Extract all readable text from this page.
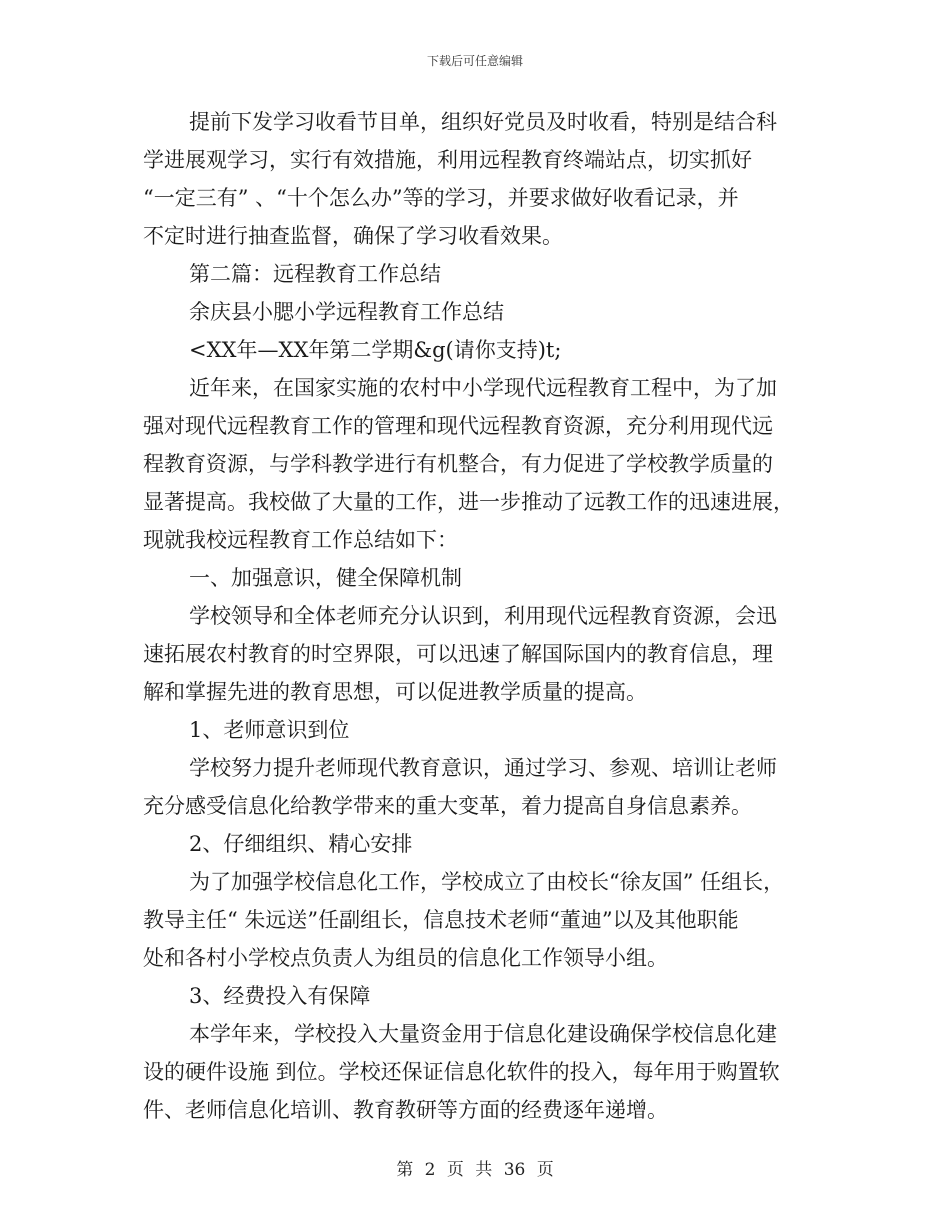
下载后可任意编辑
提前下发学习收看节目单，组织好党员及时收看，特别是结合科
学进展观学习，实行有效措施，利用远程教育终端站点，切实抓好
“一定三有” 、“十个怎么办”等的学习，并要求做好收看记录，并
不定时进行抽查监督，确保了学习收看效果。
第二篇：远程教育工作总结
余庆县小腮小学远程教育工作总结
<XX年—XX年第二学期&g(请你支持)t;
近年来，在国家实施的农村中小学现代远程教育工程中，为了加
强对现代远程教育工作的管理和现代远程教育资源，充分利用现代远
程教育资源，与学科教学进行有机整合，有力促进了学校教学质量的
显著提高。我校做了大量的工作，进一步推动了远教工作的迅速进展，
现就我校远程教育工作总结如下：
一、加强意识，健全保障机制
学校领导和全体老师充分认识到，利用现代远程教育资源，会迅
速拓展农村教育的时空界限，可以迅速了解国际国内的教育信息，理
解和掌握先进的教育思想，可以促进教学质量的提高。
1、老师意识到位
学校努力提升老师现代教育意识，通过学习、参观、培训让老师
充分感受信息化给教学带来的重大变革，着力提高自身信息素养。
2、仔细组织、精心安排
为了加强学校信息化工作，学校成立了由校长“徐友国” 任组长，
教导主任“ 朱远送”任副组长，信息技术老师“董迪”以及其他职能
处和各村小学校点负责人为组员的信息化工作领导小组。
3、经费投入有保障
本学年来，学校投入大量资金用于信息化建设确保学校信息化建
设的硬件设施 到位。学校还保证信息化软件的投入，每年用于购置软
件、老师信息化培训、教育教研等方面的经费逐年递增。
第 2 页 共 36 页
